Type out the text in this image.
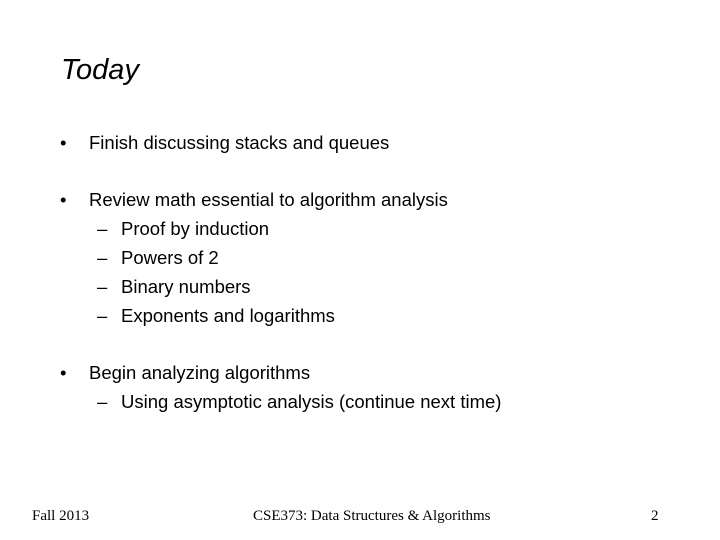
Today
• Finish discussing stacks and queues
• Review math essential to algorithm analysis
– Proof by induction
– Powers of 2
– Binary numbers
– Exponents and logarithms
• Begin analyzing algorithms
– Using asymptotic analysis (continue next time)
Fall 2013	CSE373: Data Structures & Algorithms	2
